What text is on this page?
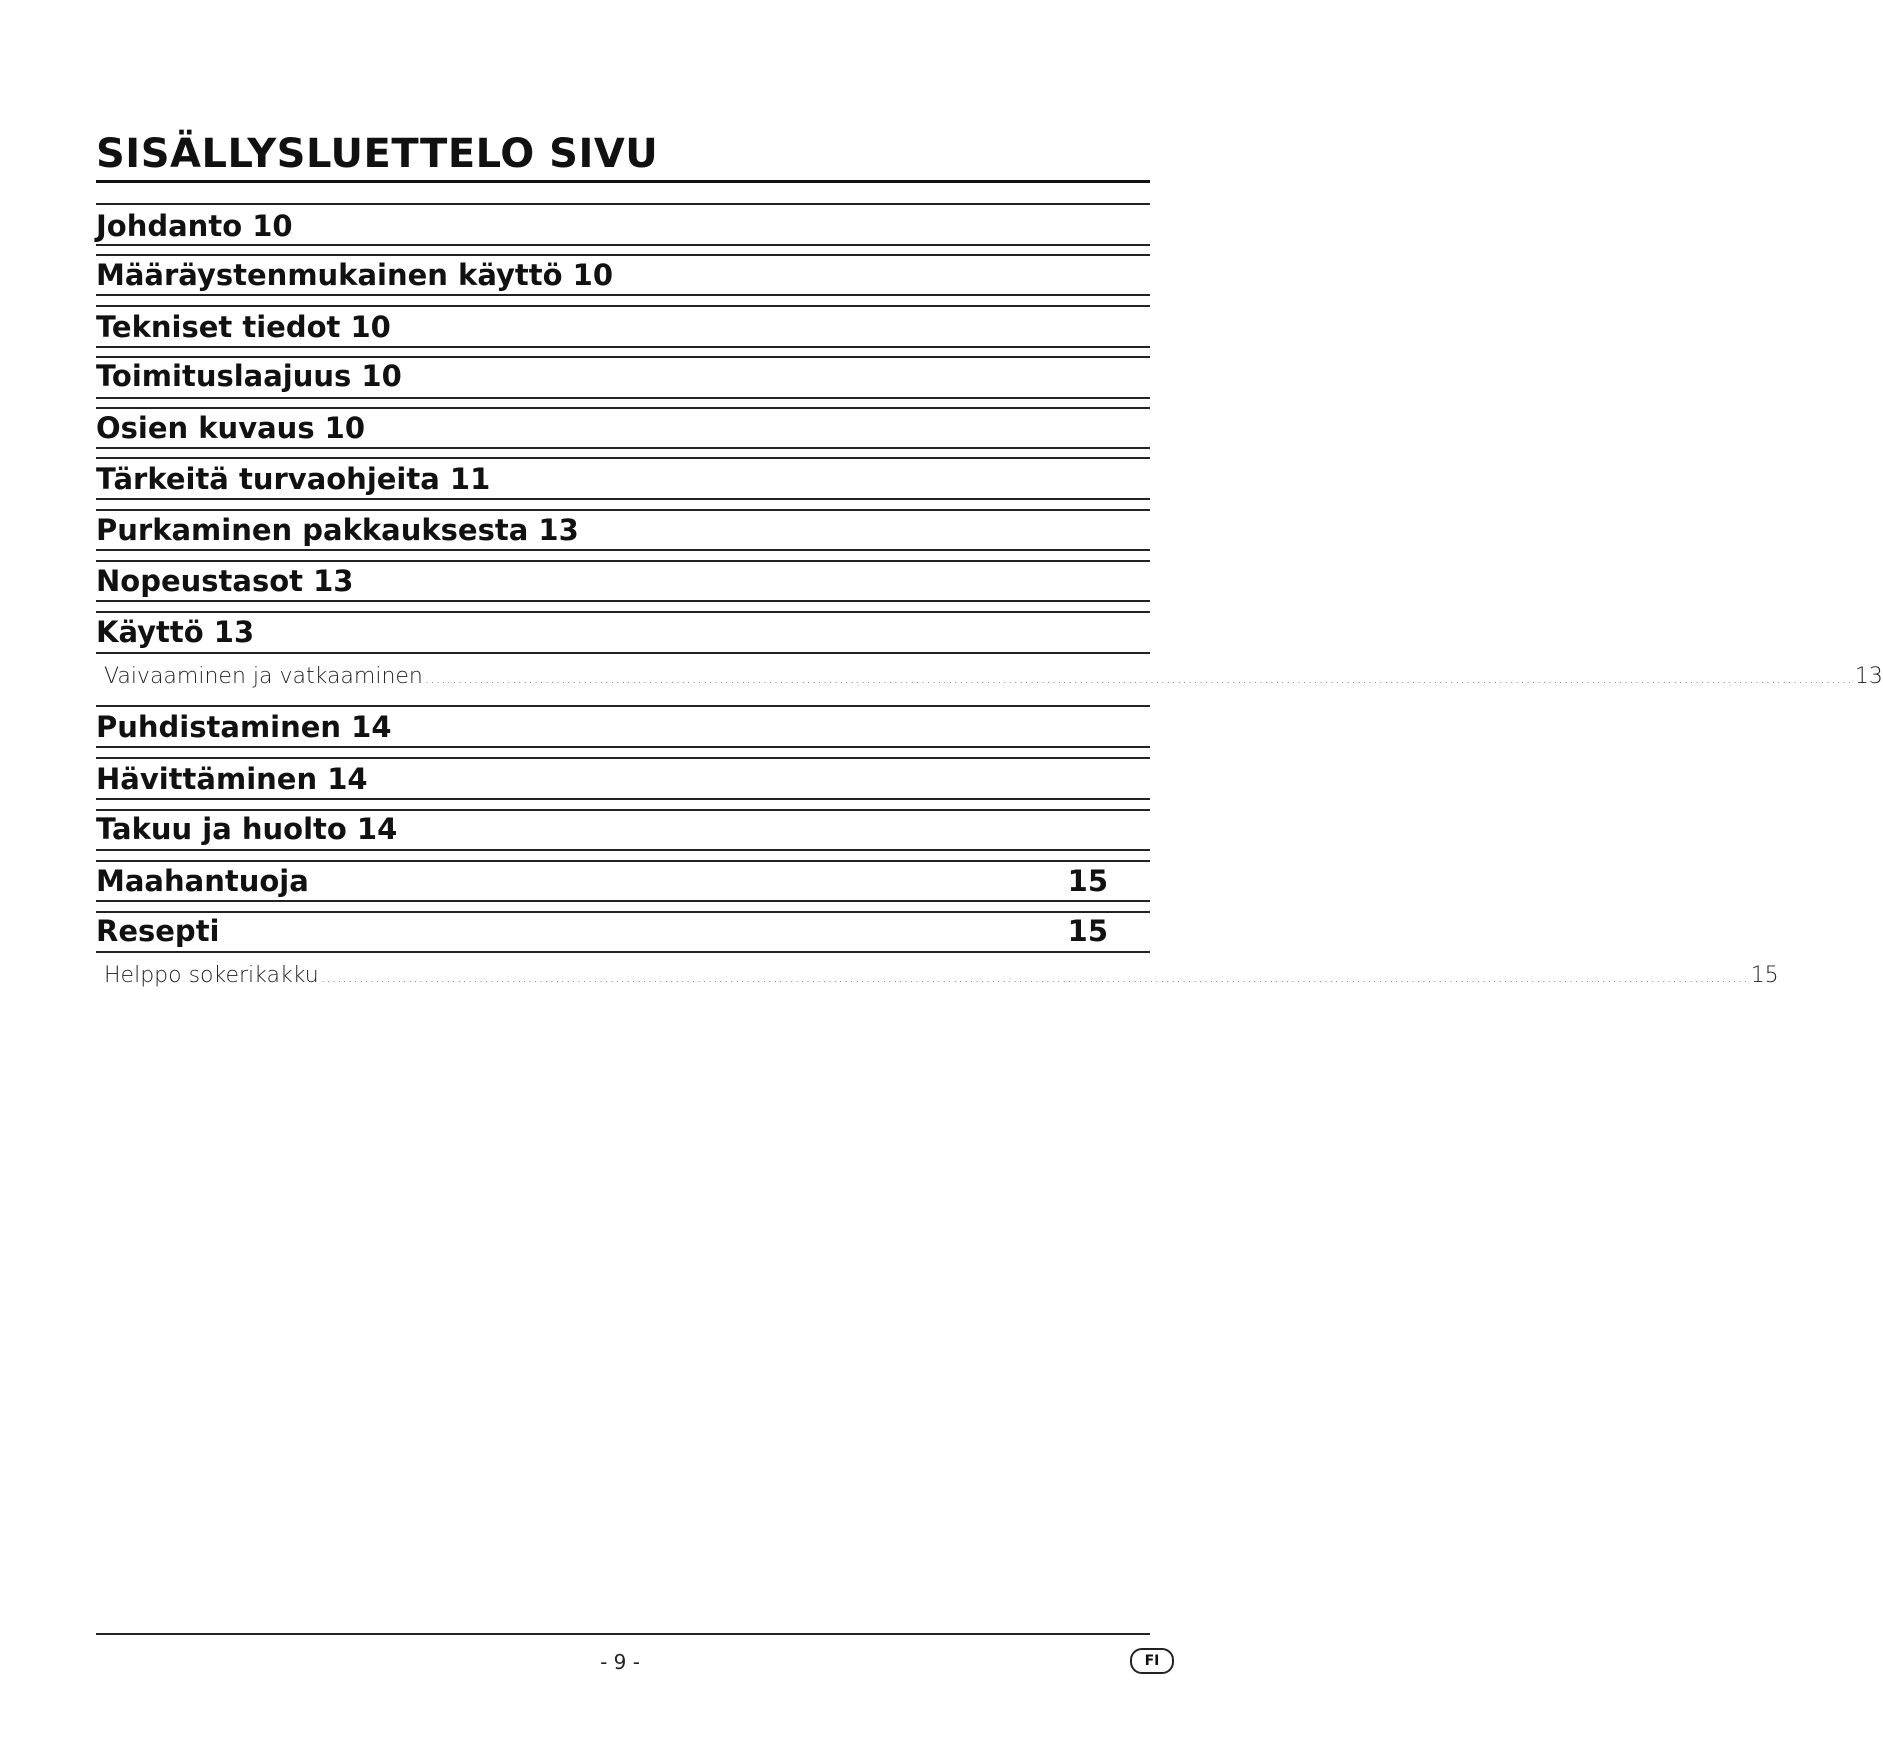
SISÄLLYSLUETTELO SIVU
Johdanto 10
Määräystenmukainen käyttö 10
Tekniset tiedot 10
Toimituslaajuus 10
Osien kuvaus 10
Tärkeitä turvaohjeita 11
Purkaminen pakkauksesta 13
Nopeustasot 13
Käyttö 13
Vaivaaminen ja vatkaaminen ...................................................................................................................................................................................................................................................................... 13
Puhdistaminen 14
Hävittäminen 14
Takuu ja huolto 14
Maahantuoja	15
Resepti	15
Helppo sokerikakku ...................................................................................................................................................................................................................................................................... 15
- 9 -	FI
